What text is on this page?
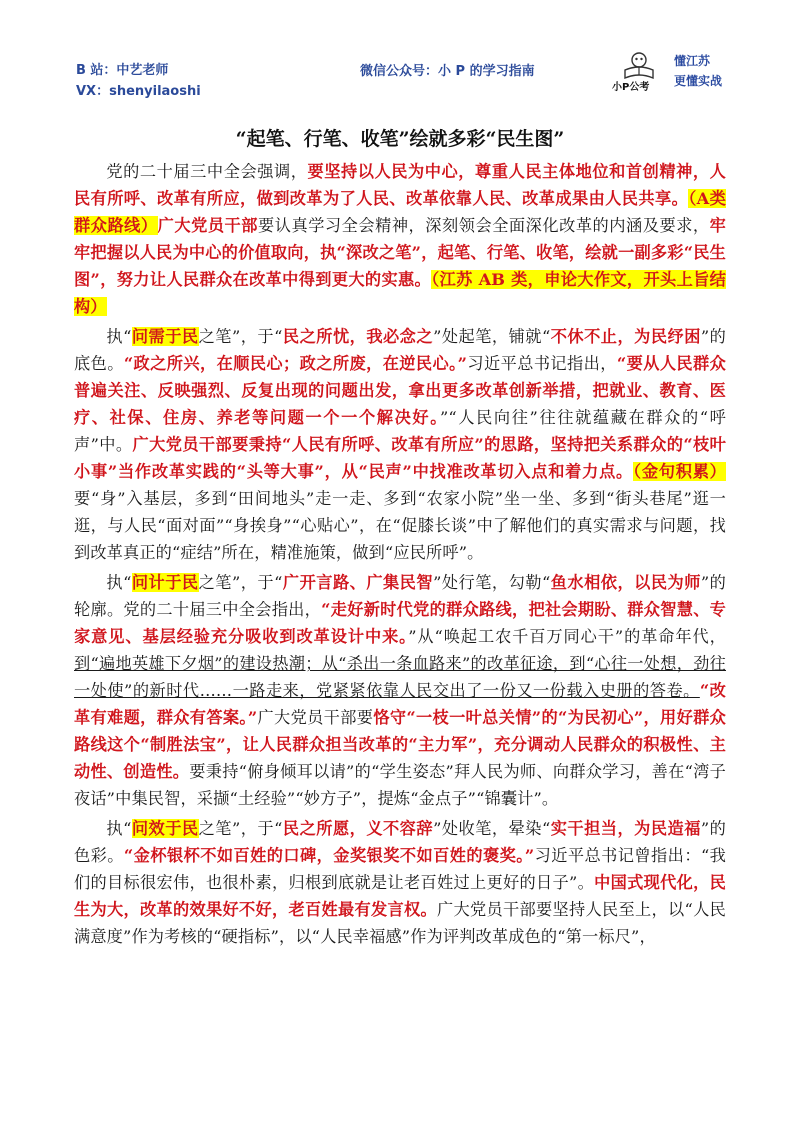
B 站：中艺老师
VX：shenyilaoshi
微信公众号：小 P 的学习指南
小P公考
懂江苏
更懂实战
“起笔、行笔、收笔”绘就多彩“民生图”

党的二十届三中全会强调，要坚持以人民为中心，尊重人民主体地位和首创精神，人民有所呼、改革有所应，做到改革为了人民、改革依靠人民、改革成果由人民共享。（A类群众路线）广大党员干部要认真学习全会精神，深刻领会全面深化改革的内涵及要求，牢牢把握以人民为中心的价值取向，执“深改之笔”，起笔、行笔、收笔，绘就一副多彩“民生图”，努力让人民群众在改革中得到更大的实惠。（江苏 AB 类，申论大作文，开头上旨结构）

执“问需于民之笔”，于“民之所忧，我必念之”处起笔，铺就“不休不止，为民纾困”的底色。“政之所兴，在顺民心；政之所废，在逆民心。”习近平总书记指出，“要从人民群众普遍关注、反映强烈、反复出现的问题出发，拿出更多改革创新举措，把就业、教育、医疗、社保、住房、养老等问题一个一个解决好。”“人民向往”往往就蕴藏在群众的“呼声”中。广大党员干部要秉持“人民有所呼、改革有所应”的思路，坚持把关系群众的“枝叶小事”当作改革实践的“头等大事”，从“民声”中找准改革切入点和着力点。（金句积累）要“身”入基层，多到“田间地头”走一走、多到“农家小院”坐一坐、多到“街头巷尾”逛一逛，与人民“面对面”“身挨身”“心贴心”，在“促膝长谈”中了解他们的真实需求与问题，找到改革真正的“症结”所在，精准施策，做到“应民所呼”。

执“问计于民之笔”，于“广开言路、广集民智”处行笔，勾勒“鱼水相依，以民为师”的轮廓。党的二十届三中全会指出，“走好新时代党的群众路线，把社会期盼、群众智慧、专家意见、基层经验充分吸收到改革设计中来。”从“唤起工农千百万同心干”的革命年代，到“遍地英雄下夕烟”的建设热潮；从“杀出一条血路来”的改革征途，到“心往一处想，劲往一处使”的新时代……一路走来，党紧紧依靠人民交出了一份又一份载入史册的答卷。“改革有难题，群众有答案。”广大党员干部要恪守“一枝一叶总关情”的“为民初心”，用好群众路线这个“制胜法宝”，让人民群众担当改革的“主力军”，充分调动人民群众的积极性、主动性、创造性。要秉持“俯身倾耳以请”的“学生姿态”拜人民为师、向群众学习，善在“湾子夜话”中集民智，采撷“土经验”“妙方子”，提炼“金点子”“锦囊计”。

执“问效于民之笔”，于“民之所愿，义不容辞”处收笔，晕染“实干担当，为民造福”的色彩。“金杯银杯不如百姓的口碑，金奖银奖不如百姓的褒奖。”习近平总书记曾指出：“我们的目标很宏伟，也很朴素，归根到底就是让老百姓过上更好的日子”。中国式现代化，民生为大，改革的效果好不好，老百姓最有发言权。广大党员干部要坚持人民至上，以“人民满意度”作为考核的“硬指标”，以“人民幸福感”作为评判改革成色的“第一标尺”，
